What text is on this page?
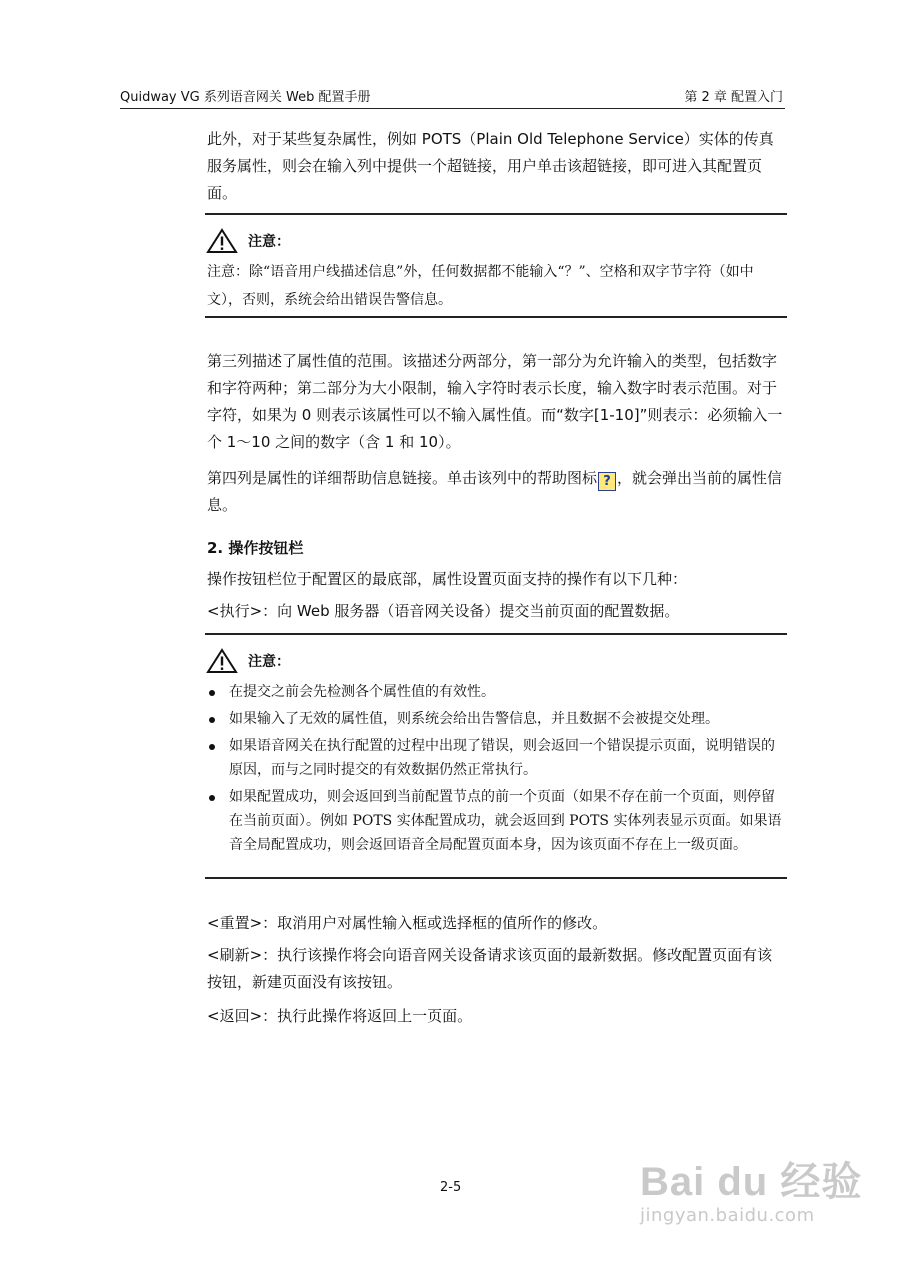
Quidway VG 系列语音网关 Web 配置手册	第 2 章 配置入门

此外，对于某些复杂属性，例如 POTS（Plain Old Telephone Service）实体的传真服务属性，则会在输入列中提供一个超链接，用户单击该超链接，即可进入其配置页面。

注意：

注意：除“语音用户线描述信息”外，任何数据都不能输入“？”、空格和双字节字符（如中文），否则，系统会给出错误告警信息。

第三列描述了属性值的范围。该描述分两部分，第一部分为允许输入的类型，包括数字和字符两种；第二部分为大小限制，输入字符时表示长度，输入数字时表示范围。对于字符，如果为 0 则表示该属性可以不输入属性值。而“数字[1-10]”则表示：必须输入一个 1～10 之间的数字（含 1 和 10）。

第四列是属性的详细帮助信息链接。单击该列中的帮助图标 ? ，就会弹出当前的属性信息。

2. 操作按钮栏

操作按钮栏位于配置区的最底部，属性设置页面支持的操作有以下几种：

<执行>：向 Web 服务器（语音网关设备）提交当前页面的配置数据。

注意：
在提交之前会先检测各个属性值的有效性。
如果输入了无效的属性值，则系统会给出告警信息，并且数据不会被提交处理。
如果语音网关在执行配置的过程中出现了错误，则会返回一个错误提示页面，说明错误的原因，而与之同时提交的有效数据仍然正常执行。
如果配置成功，则会返回到当前配置节点的前一个页面（如果不存在前一个页面，则停留在当前页面）。例如 POTS 实体配置成功，就会返回到 POTS 实体列表显示页面。如果语音全局配置成功，则会返回语音全局配置页面本身，因为该页面不存在上一级页面。

<重置>：取消用户对属性输入框或选择框的值所作的修改。

<刷新>：执行该操作将会向语音网关设备请求该页面的最新数据。修改配置页面有该按钮，新建页面没有该按钮。

<返回>：执行此操作将返回上一页面。

2-5	Bai du 经验
jingyan.baidu.com
